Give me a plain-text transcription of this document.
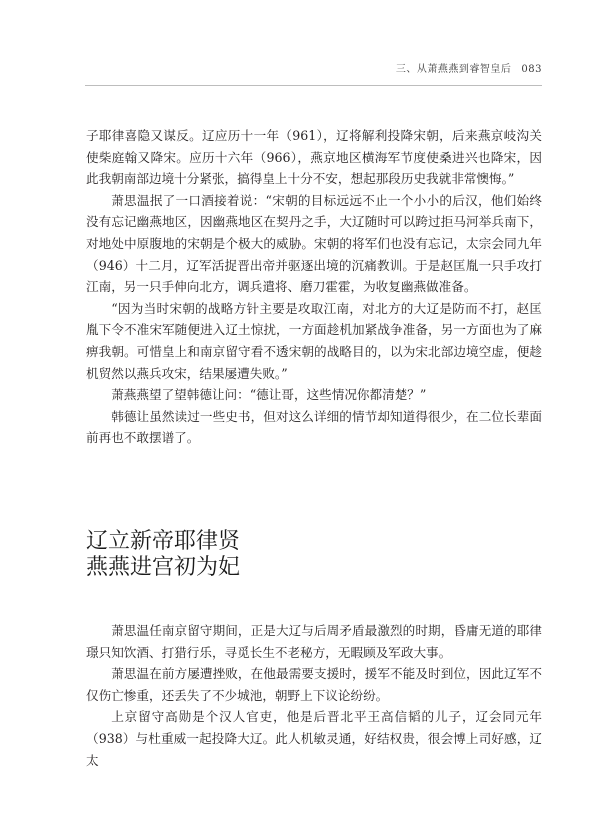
三、从萧燕燕到睿智皇后 083

子耶律喜隐又谋反。辽应历十一年（961），辽将解利投降宋朝，后来燕京岐沟关使柴庭翰又降宋。应历十六年（966），燕京地区横海军节度使桑进兴也降宋，因此我朝南部边境十分紧张，搞得皇上十分不安，想起那段历史我就非常懊悔。”

萧思温抿了一口酒接着说：“宋朝的目标远远不止一个小小的后汉，他们始终没有忘记幽燕地区，因幽燕地区在契丹之手，大辽随时可以跨过拒马河举兵南下，对地处中原腹地的宋朝是个极大的威胁。宋朝的将军们也没有忘记，太宗会同九年（946）十二月，辽军活捉晋出帝并驱逐出境的沉痛教训。于是赵匡胤一只手攻打江南，另一只手伸向北方，调兵遣将、磨刀霍霍，为收复幽燕做准备。

“因为当时宋朝的战略方针主要是攻取江南，对北方的大辽是防而不打，赵匡胤下令不准宋军随便进入辽土惊扰，一方面趁机加紧战争准备，另一方面也为了麻痹我朝。可惜皇上和南京留守看不透宋朝的战略目的，以为宋北部边境空虚，便趁机贸然以燕兵攻宋，结果屡遭失败。”

萧燕燕望了望韩德让问：“德让哥，这些情况你都清楚？”

韩德让虽然读过一些史书，但对这么详细的情节却知道得很少，在二位长辈面前再也不敢摆谱了。

辽立新帝耶律贤
燕燕进宫初为妃

萧思温任南京留守期间，正是大辽与后周矛盾最激烈的时期，昏庸无道的耶律璟只知饮酒、打猎行乐，寻觅长生不老秘方，无暇顾及军政大事。

萧思温在前方屡遭挫败，在他最需要支援时，援军不能及时到位，因此辽军不仅伤亡惨重，还丢失了不少城池，朝野上下议论纷纷。

上京留守高勋是个汉人官吏，他是后晋北平王高信韬的儿子，辽会同元年（938）与杜重威一起投降大辽。此人机敏灵通，好结权贵，很会博上司好感，辽太
